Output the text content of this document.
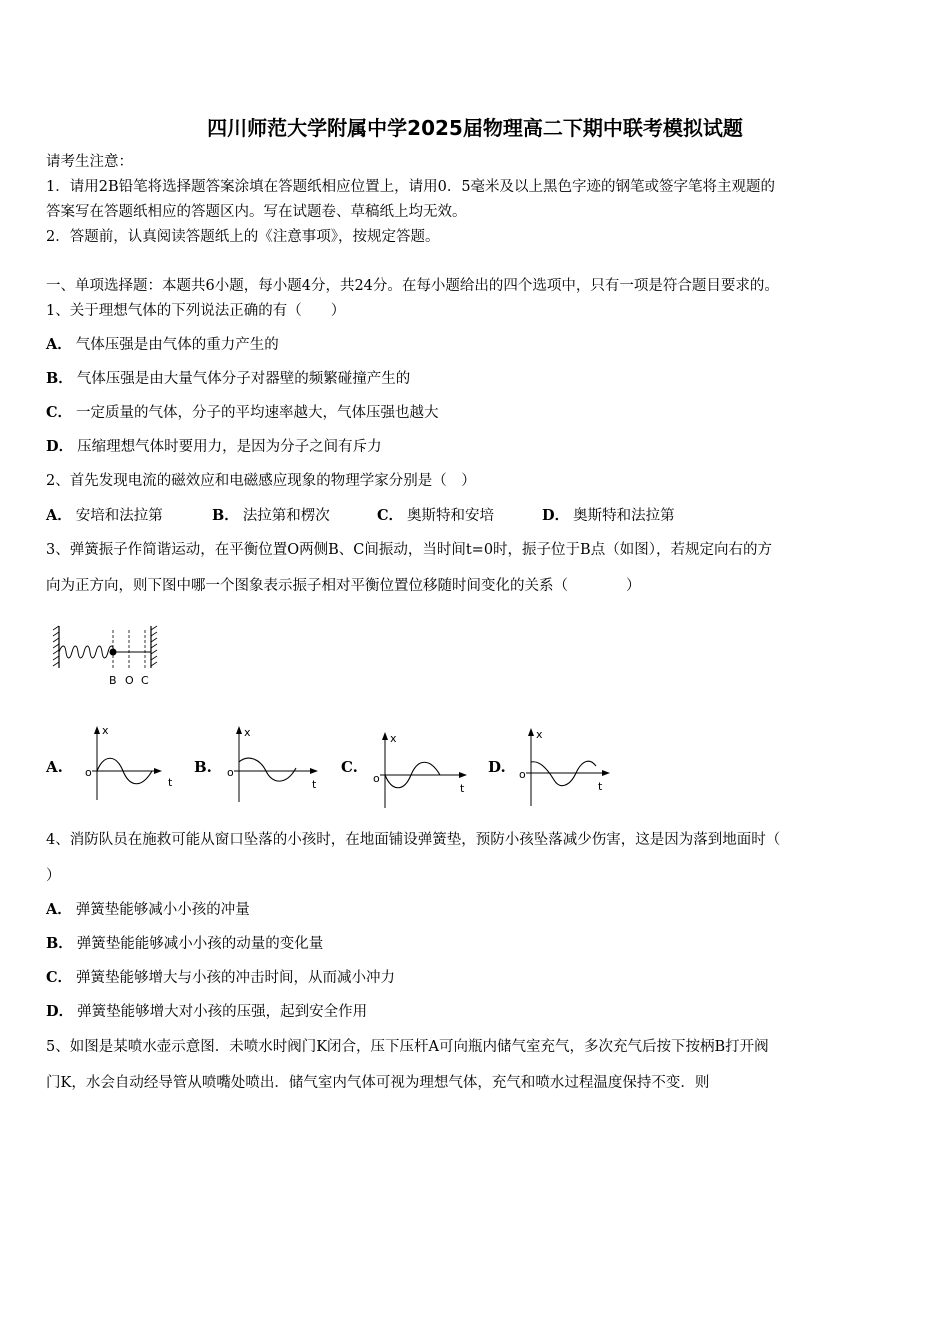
四川师范大学附属中学2025届物理高二下期中联考模拟试题
请考生注意：
1．请用2B铅笔将选择题答案涂填在答题纸相应位置上，请用0．5毫米及以上黑色字迹的钢笔或签字笔将主观题的
答案写在答题纸相应的答题区内。写在试题卷、草稿纸上均无效。
2．答题前，认真阅读答题纸上的《注意事项》，按规定答题。
一、单项选择题：本题共6小题，每小题4分，共24分。在每小题给出的四个选项中，只有一项是符合题目要求的。
1、关于理想气体的下列说法正确的有（　　）
A． 气体压强是由气体的重力产生的
B． 气体压强是由大量气体分子对器壁的频繁碰撞产生的
C． 一定质量的气体，分子的平均速率越大，气体压强也越大
D． 压缩理想气体时要用力，是因为分子之间有斥力
2、首先发现电流的磁效应和电磁感应现象的物理学家分别是（　）
A． 安培和法拉第	B． 法拉第和楞次	C． 奥斯特和安培	D． 奥斯特和法拉第
3、弹簧振子作简谐运动，在平衡位置O两侧B、C间振动，当时间t=0时，振子位于B点（如图），若规定向右的方
向为正方向，则下图中哪一个图象表示振子相对平衡位置位移随时间变化的关系（　　　　）
B O C
A.
x
o
t
B.
x
o
t
C.
x
o
t
D.
x
o
t
4、消防队员在施救可能从窗口坠落的小孩时，在地面铺设弹簧垫，预防小孩坠落减少伤害，这是因为落到地面时（
）
A． 弹簧垫能够减小小孩的冲量
B． 弹簧垫能能够减小小孩的动量的变化量
C． 弹簧垫能够增大与小孩的冲击时间，从而减小冲力
D． 弹簧垫能够增大对小孩的压强，起到安全作用
5、如图是某喷水壶示意图．未喷水时阀门K闭合，压下压杆A可向瓶内储气室充气，多次充气后按下按柄B打开阀
门K，水会自动经导管从喷嘴处喷出．储气室内气体可视为理想气体，充气和喷水过程温度保持不变．则
